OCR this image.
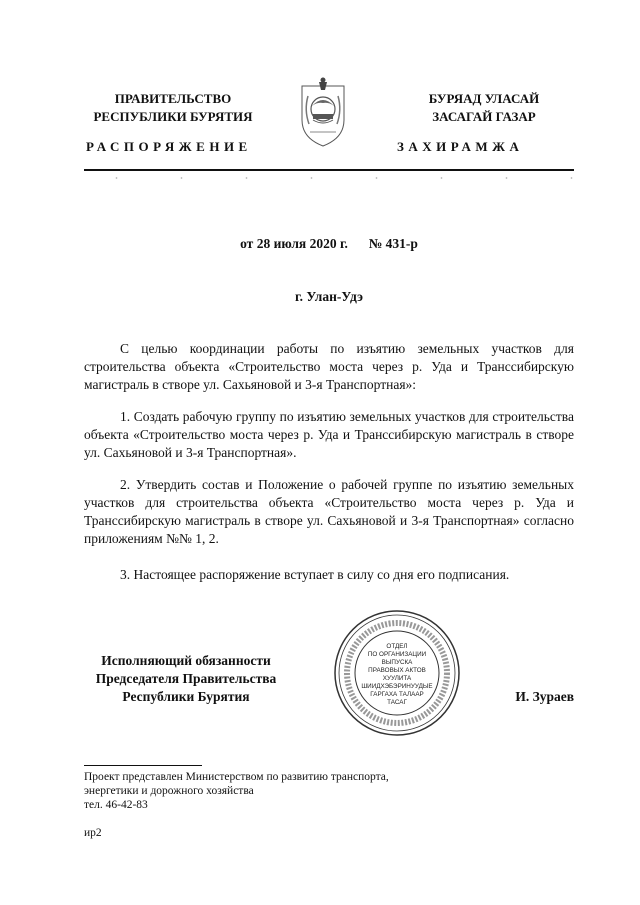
ПРАВИТЕЛЬСТВО
РЕСПУБЛИКИ БУРЯТИЯ
БУРЯАД УЛАСАЙ
ЗАСАГАЙ ГАЗАР
РАСПОРЯЖЕНИЕ	ЗАХИРАМЖА
от 28 июля 2020 г. № 431-р
г. Улан-Удэ

С целью координации работы по изъятию земельных участков для строительства объекта «Строительство моста через р. Уда и Транссибирскую магистраль в створе ул. Сахьяновой и 3-я Транспортная»:

1. Создать рабочую группу по изъятию земельных участков для строительства объекта «Строительство моста через р. Уда и Транссибирскую магистраль в створе ул. Сахьяновой и 3-я Транспортная».

2. Утвердить состав и Положение о рабочей группе по изъятию земельных участков для строительства объекта «Строительство моста через р. Уда и Транссибирскую магистраль в створе ул. Сахьяновой и 3-я Транспортная» согласно приложениям №№ 1, 2.

3. Настоящее распоряжение вступает в силу со дня его подписания.

Исполняющий обязанности
Председателя Правительства
Республики Бурятия
ОТДЕЛ
ПО ОРГАНИЗАЦИИ
ВЫПУСКА
ПРАВОВЫХ АКТОВ
ХУУЛИТА
ШИИДХЭБЭРИНУУДЫЕ
ГАРГАХА ТАЛААР
ТАСАГ	И. Зураев
Проект представлен Министерством по развитию транспорта,
энергетики и дорожного хозяйства
тел. 46-42-83
ир2
